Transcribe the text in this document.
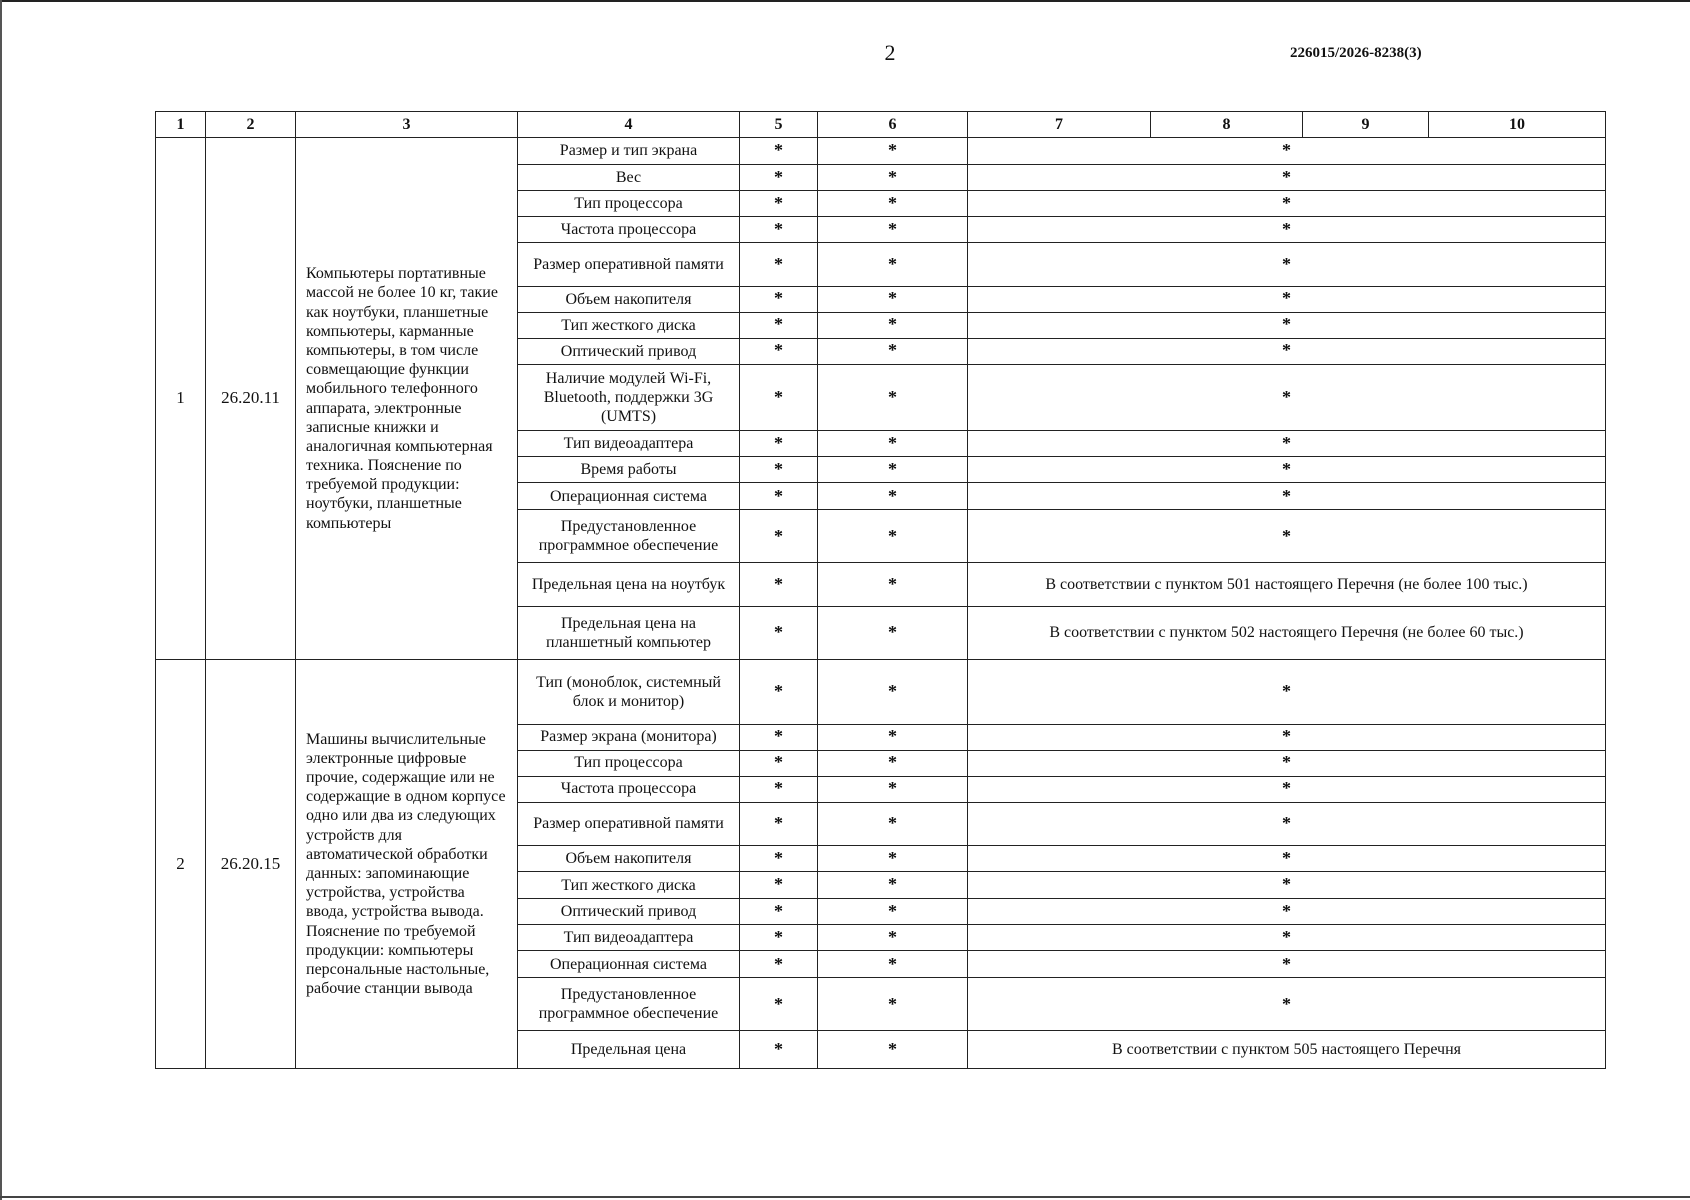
2	226015/2026-8238(3)
1	2	3	4	5	6	7	8	9	10
1	26.20.11	Компьютеры портативные массой не более 10 кг, такие как ноутбуки, планшетные компьютеры, карманные компьютеры, в том числе совмещающие функции мобильного телефонного аппарата, электронные записные книжки и аналогичная компьютерная техника. Пояснение по требуемой продукции: ноутбуки, планшетные компьютеры	Размер и тип экрана	*	*	*			
			Вес	*	*	*			
			Тип процессора	*	*	*			
			Частота процессора	*	*	*			
			Размер оперативной памяти	*	*	*			
			Объем накопителя	*	*	*			
			Тип жесткого диска	*	*	*			
			Оптический привод	*	*	*			
			Наличие модулей Wi-Fi, Bluetooth, поддержки 3G (UMTS)	*	*	*			
			Тип видеоадаптера	*	*	*			
			Время работы	*	*	*			
			Операционная система	*	*	*			
			Предустановленное программное обеспечение	*	*	*			
			Предельная цена на ноутбук	*	*	В соответствии с пунктом 501 настоящего Перечня (не более 100 тыс.)			
			Предельная цена на планшетный компьютер	*	*	В соответствии с пунктом 502 настоящего Перечня (не более 60 тыс.)			
2	26.20.15	Машины вычислительные электронные цифровые прочие, содержащие или не содержащие в одном корпусе одно или два из следующих устройств для автоматической обработки данных: запоминающие устройства, устройства ввода, устройства вывода. Пояснение по требуемой продукции: компьютеры персональные настольные, рабочие станции вывода	Тип (моноблок, системный блок и монитор)	*	*	*			
			Размер экрана (монитора)	*	*	*			
			Тип процессора	*	*	*			
			Частота процессора	*	*	*			
			Размер оперативной памяти	*	*	*			
			Объем накопителя	*	*	*			
			Тип жесткого диска	*	*	*			
			Оптический привод	*	*	*			
			Тип видеоадаптера	*	*	*			
			Операционная система	*	*	*			
			Предустановленное программное обеспечение	*	*	*			
			Предельная цена	*	*	В соответствии с пунктом 505 настоящего Перечня			
